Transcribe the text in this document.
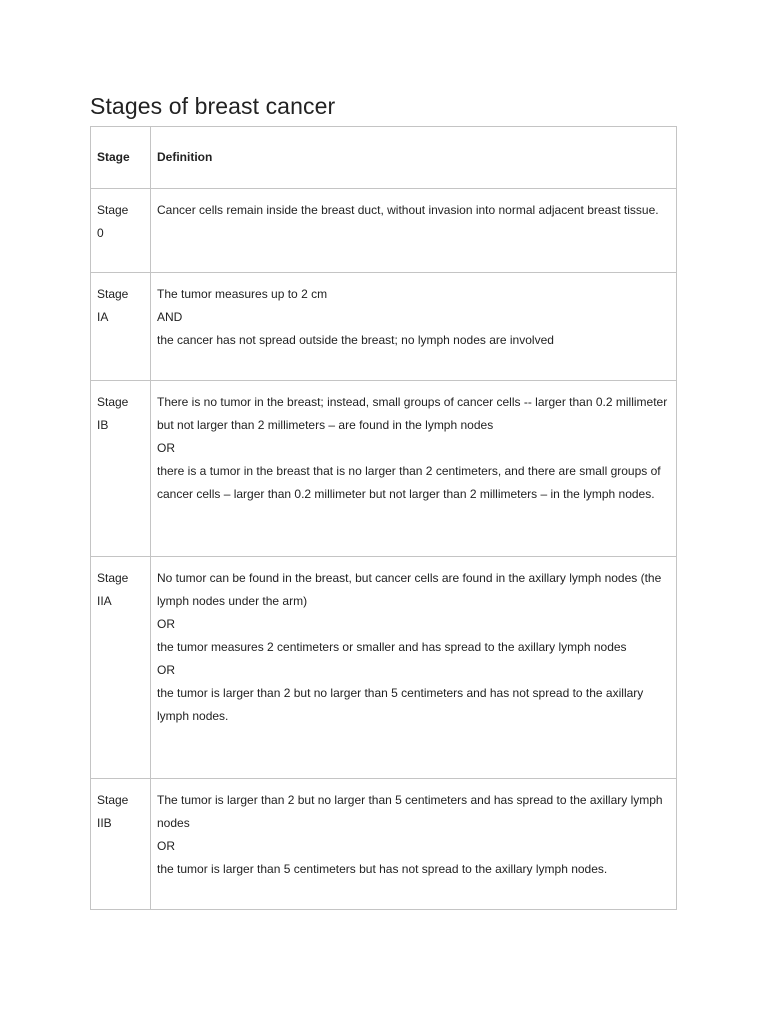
Stages of breast cancer
Stage	Definition

Stage 0	Cancer cells remain inside the breast duct, without invasion into normal adjacent breast tissue.

Stage IA	The tumor measures up to 2 cm
AND
the cancer has not spread outside the breast; no lymph nodes are involved

Stage IB	There is no tumor in the breast; instead, small groups of cancer cells -- larger than 0.2 millimeter but not larger than 2 millimeters – are found in the lymph nodes
OR
there is a tumor in the breast that is no larger than 2 centimeters, and there are small groups of cancer cells – larger than 0.2 millimeter but not larger than 2 millimeters – in the lymph nodes.

Stage IIA	No tumor can be found in the breast, but cancer cells are found in the axillary lymph nodes (the lymph nodes under the arm)
OR
the tumor measures 2 centimeters or smaller and has spread to the axillary lymph nodes
OR
the tumor is larger than 2 but no larger than 5 centimeters and has not spread to the axillary lymph nodes.

Stage IIB	The tumor is larger than 2 but no larger than 5 centimeters and has spread to the axillary lymph nodes
OR
the tumor is larger than 5 centimeters but has not spread to the axillary lymph nodes.
